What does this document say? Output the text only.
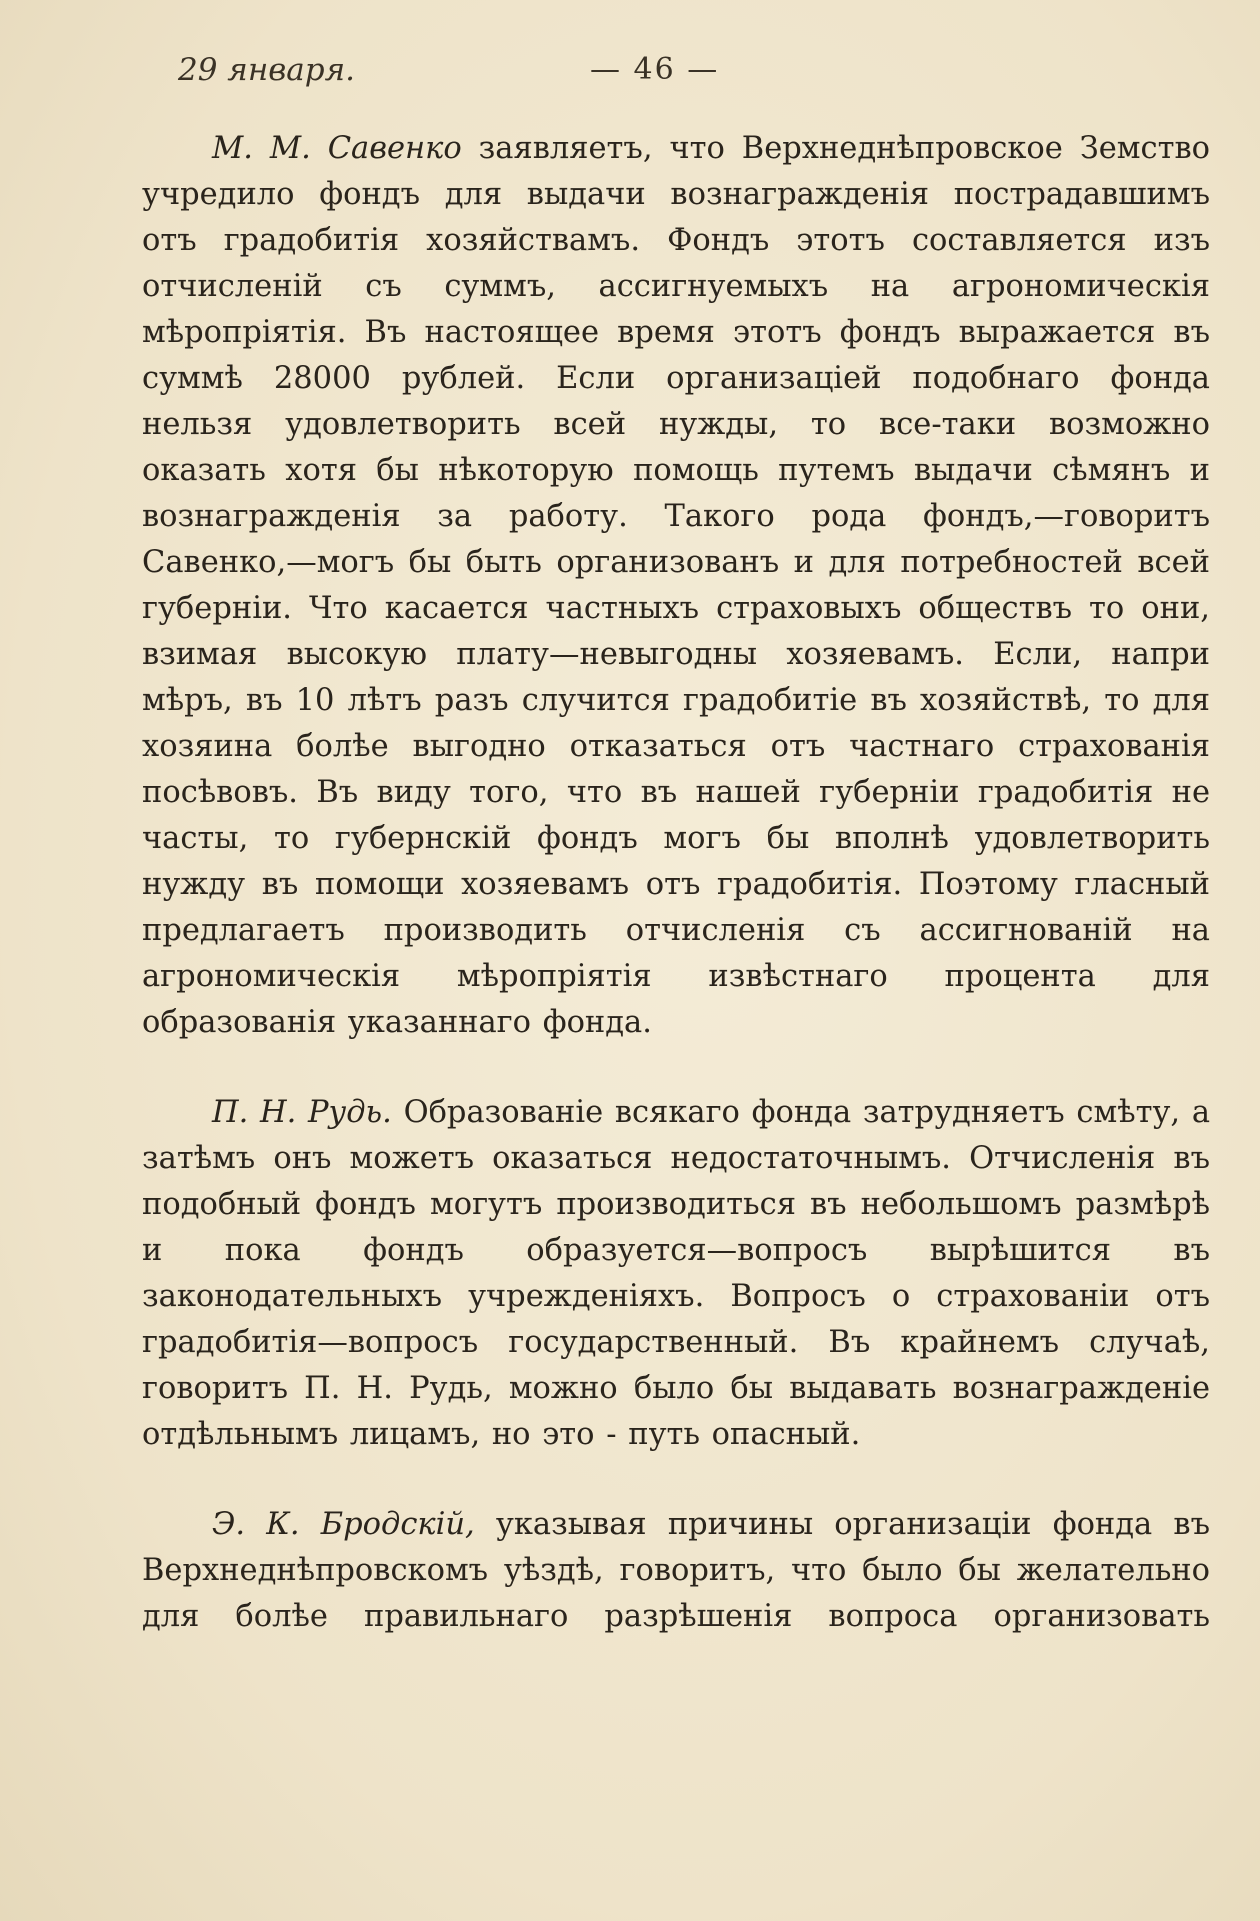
29 января.	— 46 —

М. М. Савенко заявляетъ, что Верхнеднѣпровское Земство учредило фондъ для выдачи вознагражденія пострадавшимъ отъ градобитія хозяйствамъ. Фондъ этотъ составляется изъ отчисленій съ суммъ, ассигнуемыхъ на агрономическія мѣропріятія. Въ настоящее время этотъ фондъ выражается въ суммѣ 28000 рублей. Если организаціей подобнаго фонда нельзя удовлетворить всей нужды, то все-таки возможно оказать хотя бы нѣкоторую помощь путемъ выдачи сѣмянъ и вознагражденія за работу. Такого рода фондъ,—говоритъ Савенко,—могъ бы быть организованъ и для потребностей всей губерніи. Что касается частныхъ страховыхъ обществъ то они, взимая высокую плату—невыгодны хозяевамъ. Если, напри мѣръ, въ 10 лѣтъ разъ случится градобитіе въ хозяйствѣ, то для хозяина болѣе выгодно отказаться отъ частнаго страхованія посѣвовъ. Въ виду того, что въ нашей губерніи градобитія не часты, то губернскій фондъ могъ бы вполнѣ удовлетворить нужду въ помощи хозяевамъ отъ градобитія. Поэтому гласный предлагаетъ производить отчисленія съ ассигнованій на агрономическія мѣропріятія извѣстнаго процента для образованія указаннаго фонда.

П. Н. Рудь. Образованіе всякаго фонда затрудняетъ смѣту, а затѣмъ онъ можетъ оказаться недостаточнымъ. Отчисленія въ подобный фондъ могутъ производиться въ небольшомъ размѣрѣ и пока фондъ образуется—вопросъ вырѣшится въ законодательныхъ учрежденіяхъ. Вопросъ о страхованіи отъ градобитія—вопросъ государственный. Въ крайнемъ случаѣ, говоритъ П. Н. Рудь, можно было бы выдавать вознагражденіе отдѣльнымъ лицамъ, но это - путь опасный.

Э. К. Бродскій, указывая причины организаціи фонда въ Верхнеднѣпровскомъ уѣздѣ, говоритъ, что было бы желательно для болѣе правильнаго разрѣшенія вопроса организовать
